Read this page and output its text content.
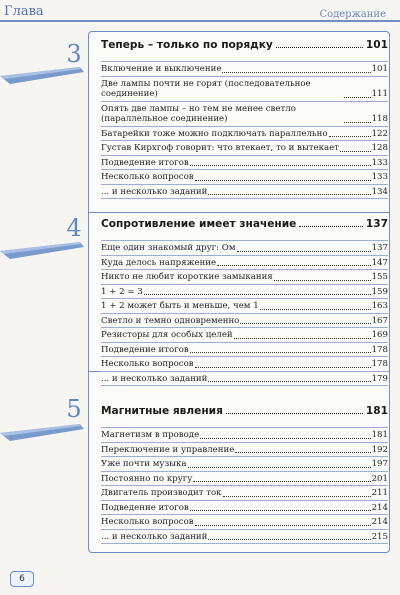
Глава	Содержание
3	Теперь – только по порядку	101
Включение и выключение	101
Две лампы почти не горят (последовательное соединение)	111
Опять две лампы – но тем не менее светло (параллельное соединение)	118
Батарейки тоже можно подключать параллельно	122
Густав Кирхгоф говорит: что втекает, то и вытекает	128
Подведение итогов	133
Несколько вопросов	133
... и несколько заданий	134
4	Сопротивление имеет значение	137
Еще один знакомый друг: Ом	137
Куда делось напряжение	147
Никто не любит короткие замыкания	155
1 + 2 = 3	159
1 + 2 может быть и меньше, чем 1	163
Светло и темно одновременно	167
Резисторы для особых целей	169
Подведение итогов	178
Несколько вопросов	178
... и несколько заданий	179
5	Магнитные явления	181
Магнетизм в проводе	181
Переключение и управление	192
Уже почти музыка	197
Постоянно по кругу	201
Двигатель производит ток	211
Подведение итогов	214
Несколько вопросов	214
... и несколько заданий	215
6
